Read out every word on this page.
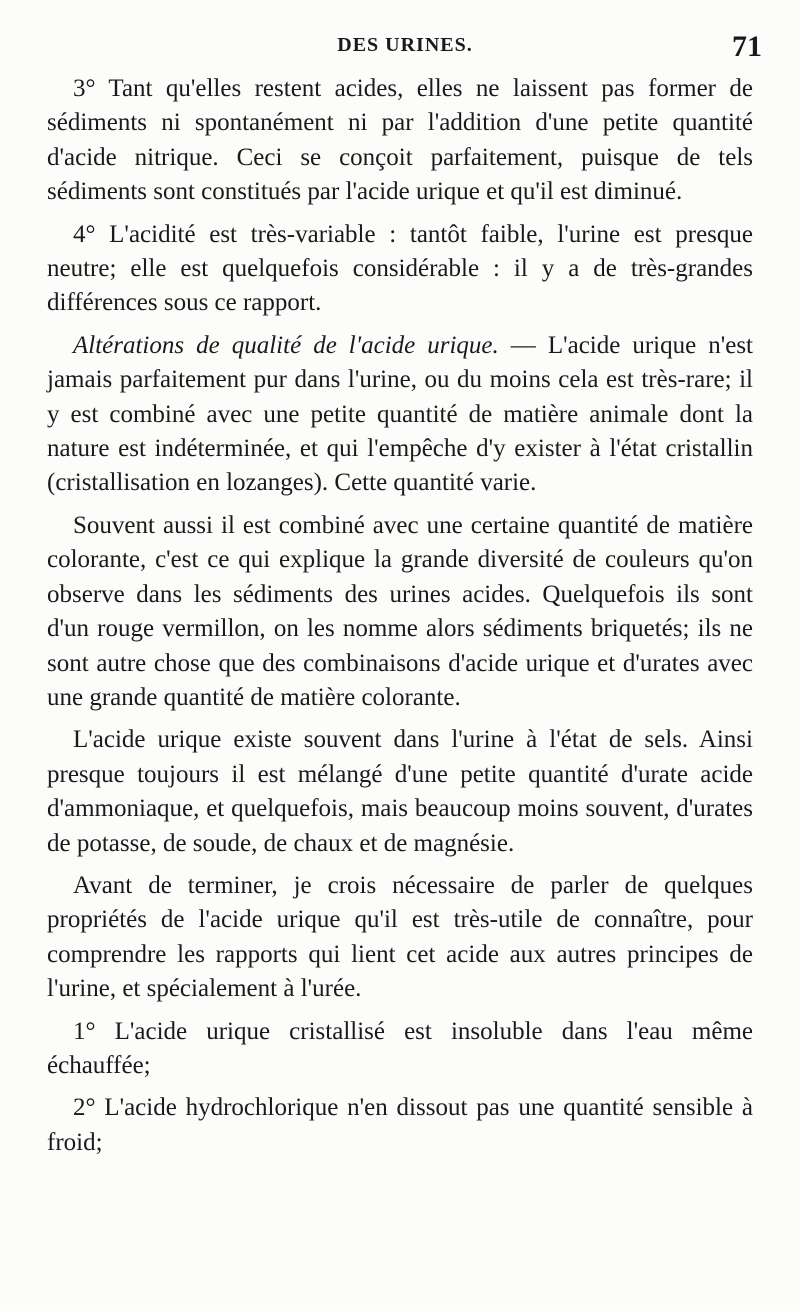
DES URINES.	71

3° Tant qu'elles restent acides, elles ne laissent pas former de sédiments ni spontanément ni par l'addition d'une petite quantité d'acide nitrique. Ceci se conçoit parfaitement, puisque de tels sédiments sont constitués par l'acide urique et qu'il est diminué.

4° L'acidité est très-variable : tantôt faible, l'urine est presque neutre; elle est quelquefois considérable : il y a de très-grandes différences sous ce rapport.

Altérations de qualité de l'acide urique. — L'acide urique n'est jamais parfaitement pur dans l'urine, ou du moins cela est très-rare; il y est combiné avec une petite quantité de matière animale dont la nature est indéterminée, et qui l'empêche d'y exister à l'état cristallin (cristallisation en lozanges). Cette quantité varie.

Souvent aussi il est combiné avec une certaine quantité de matière colorante, c'est ce qui explique la grande diversité de couleurs qu'on observe dans les sédiments des urines acides. Quelquefois ils sont d'un rouge vermillon, on les nomme alors sédiments briquetés; ils ne sont autre chose que des combinaisons d'acide urique et d'urates avec une grande quantité de matière colorante.

L'acide urique existe souvent dans l'urine à l'état de sels. Ainsi presque toujours il est mélangé d'une petite quantité d'urate acide d'ammoniaque, et quelquefois, mais beaucoup moins souvent, d'urates de potasse, de soude, de chaux et de magnésie.

Avant de terminer, je crois nécessaire de parler de quelques propriétés de l'acide urique qu'il est très-utile de connaître, pour comprendre les rapports qui lient cet acide aux autres principes de l'urine, et spécialement à l'urée.

1° L'acide urique cristallisé est insoluble dans l'eau même échauffée;

2° L'acide hydrochlorique n'en dissout pas une quantité sensible à froid;
